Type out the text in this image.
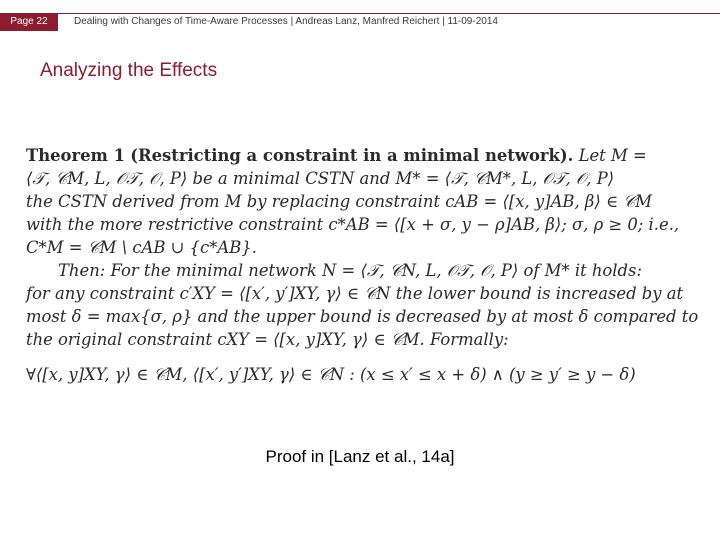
Page 22	Dealing with Changes of Time-Aware Processes | Andreas Lanz, Manfred Reichert | 11-09-2014
Analyzing the Effects
Theorem 1 (Restricting a constraint in a minimal network). Let M =
⟨𝒯, 𝒞M, L, 𝒪𝒯, 𝒪, P⟩ be a minimal CSTN and M* = ⟨𝒯, 𝒞M*, L, 𝒪𝒯, 𝒪, P⟩
the CSTN derived from M by replacing constraint cAB = ⟨[x, y]AB, β⟩ ∈ 𝒞M
with the more restrictive constraint c*AB = ⟨[x + σ, y − ρ]AB, β⟩; σ, ρ ≥ 0; i.e.,
C*M = 𝒞M \ cAB ∪ {c*AB}.
Then: For the minimal network N = ⟨𝒯, 𝒞N, L, 𝒪𝒯, 𝒪, P⟩ of M* it holds:
for any constraint c′XY = ⟨[x′, y′]XY, γ⟩ ∈ 𝒞N the lower bound is increased by at
most δ = max{σ, ρ} and the upper bound is decreased by at most δ compared to
the original constraint cXY = ⟨[x, y]XY, γ⟩ ∈ 𝒞M. Formally:
∀⟨[x, y]XY, γ⟩ ∈ 𝒞M, ⟨[x′, y′]XY, γ⟩ ∈ 𝒞N : (x ≤ x′ ≤ x + δ) ∧ (y ≥ y′ ≥ y − δ)
Proof in [Lanz et al., 14a]
